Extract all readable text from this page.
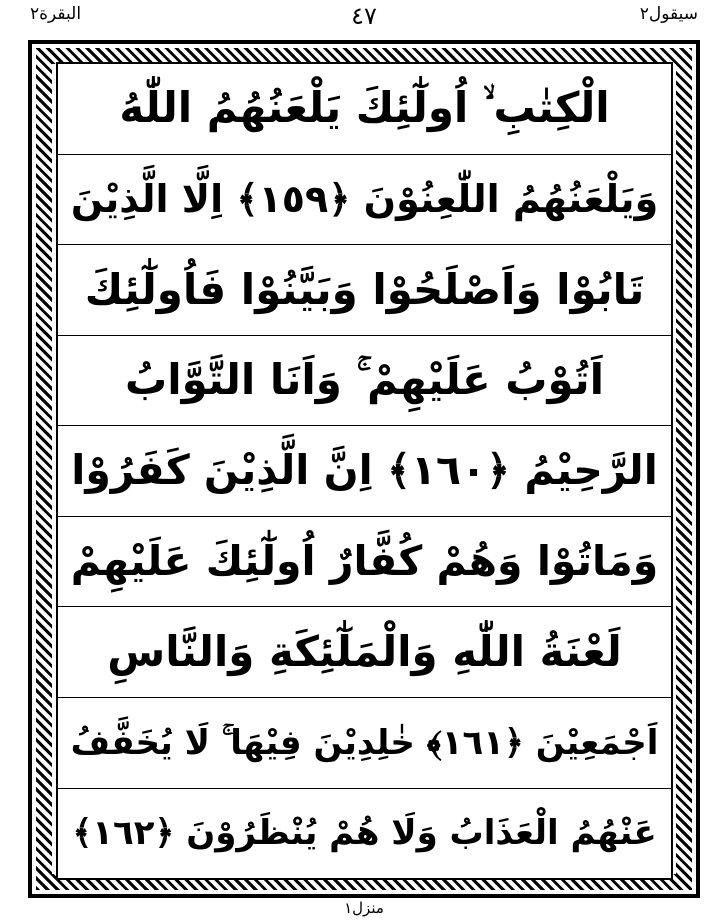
سيقول٢
٤٧
البقرة٢
الْكِتٰبِ ۙ اُولٰٓئِكَ يَلْعَنُهُمُ اللّٰهُ
وَيَلْعَنُهُمُ اللّٰعِنُوْنَ ﴿١٥٩﴾ اِلَّا الَّذِيْنَ
تَابُوْا وَاَصْلَحُوْا وَبَيَّنُوْا فَاُولٰٓئِكَ
اَتُوْبُ عَلَيْهِمْ ۚ وَاَنَا التَّوَّابُ
الرَّحِيْمُ ﴿١٦٠﴾ اِنَّ الَّذِيْنَ كَفَرُوْا
وَمَاتُوْا وَهُمْ كُفَّارٌ اُولٰٓئِكَ عَلَيْهِمْ
لَعْنَةُ اللّٰهِ وَالْمَلٰٓئِكَةِ وَالنَّاسِ
اَجْمَعِيْنَ ﴿١٦١﴾ خٰلِدِيْنَ فِيْهَا ۚ لَا يُخَفَّفُ
عَنْهُمُ الْعَذَابُ وَلَا هُمْ يُنْظَرُوْنَ ﴿١٦٢﴾
منزل١
